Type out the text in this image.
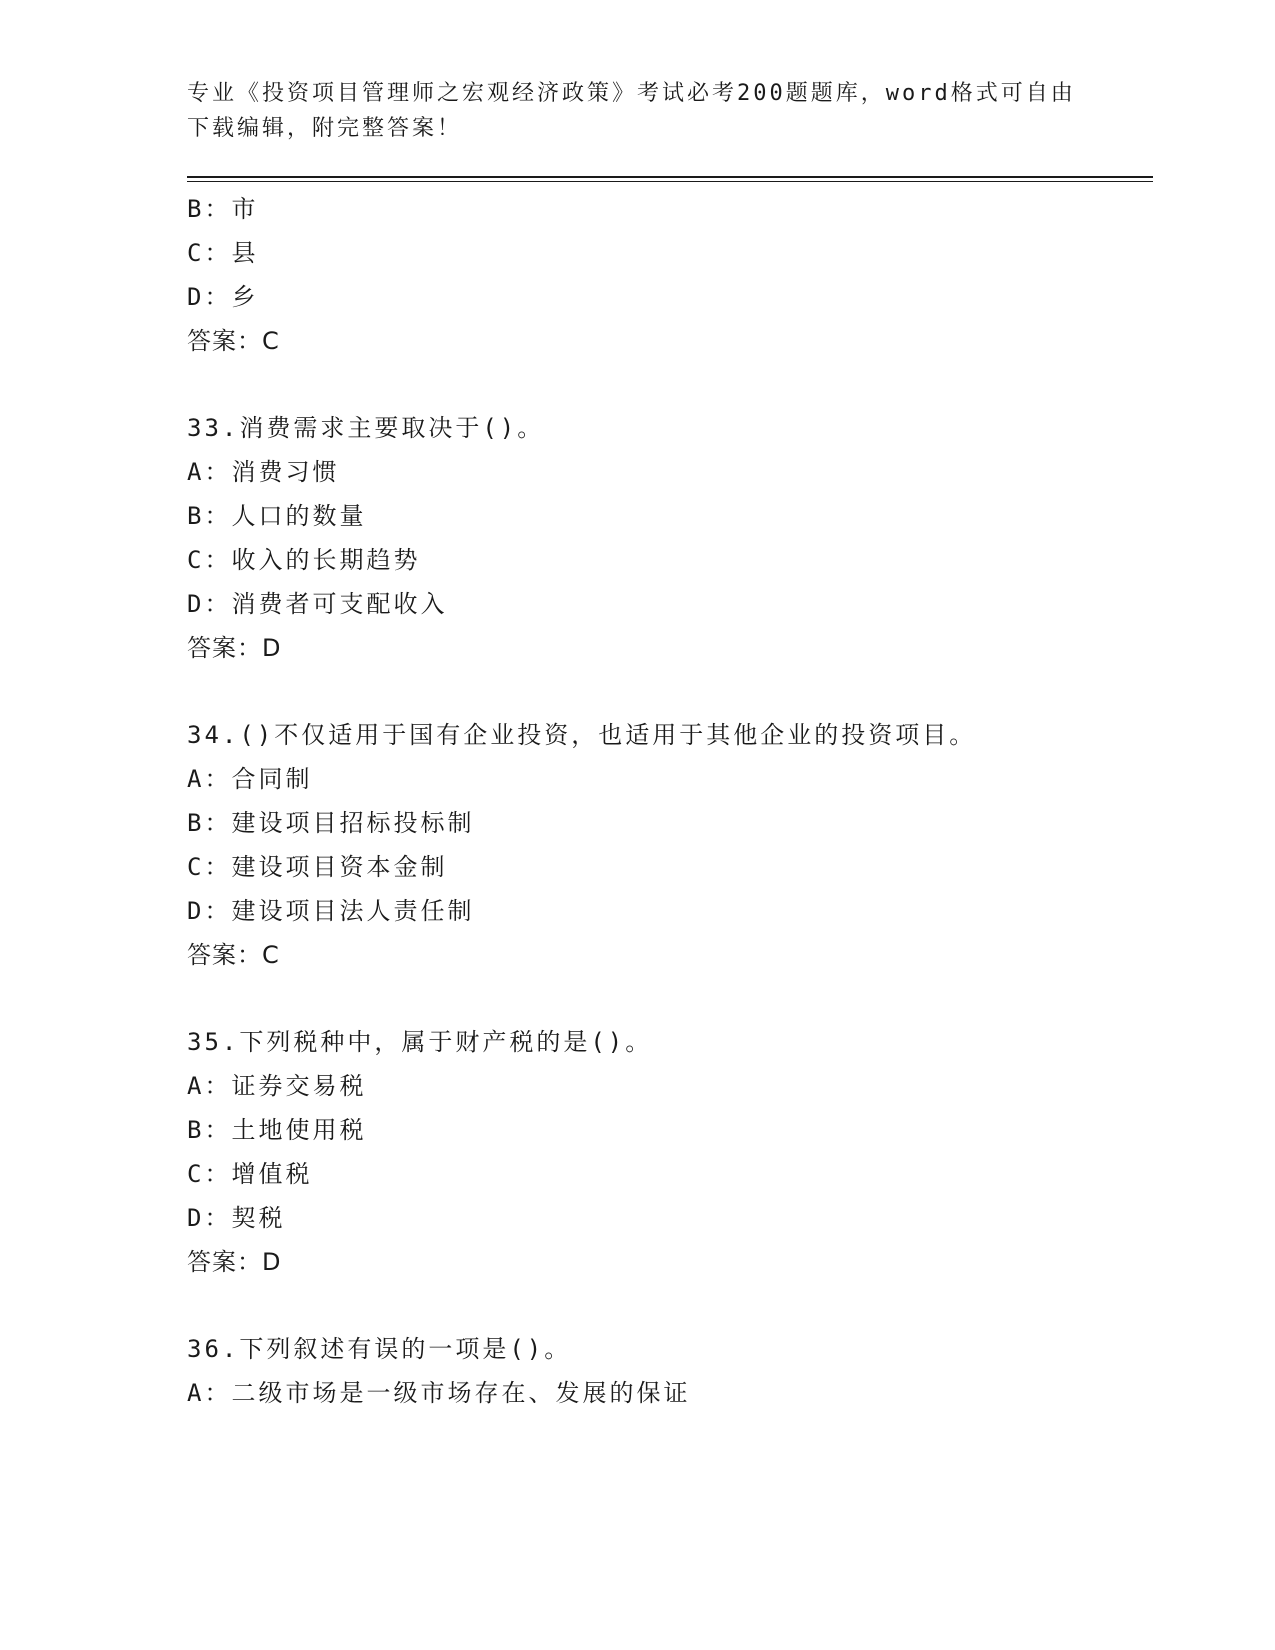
专业《投资项目管理师之宏观经济政策》考试必考200题题库，word格式可自由下载编辑，附完整答案！
B：市
C：县
D：乡
答案：C
33.消费需求主要取决于()。
A：消费习惯
B：人口的数量
C：收入的长期趋势
D：消费者可支配收入
答案：D
34.()不仅适用于国有企业投资，也适用于其他企业的投资项目。
A：合同制
B：建设项目招标投标制
C：建设项目资本金制
D：建设项目法人责任制
答案：C
35.下列税种中，属于财产税的是()。
A：证券交易税
B：土地使用税
C：增值税
D：契税
答案：D
36.下列叙述有误的一项是()。
A：二级市场是一级市场存在、发展的保证
